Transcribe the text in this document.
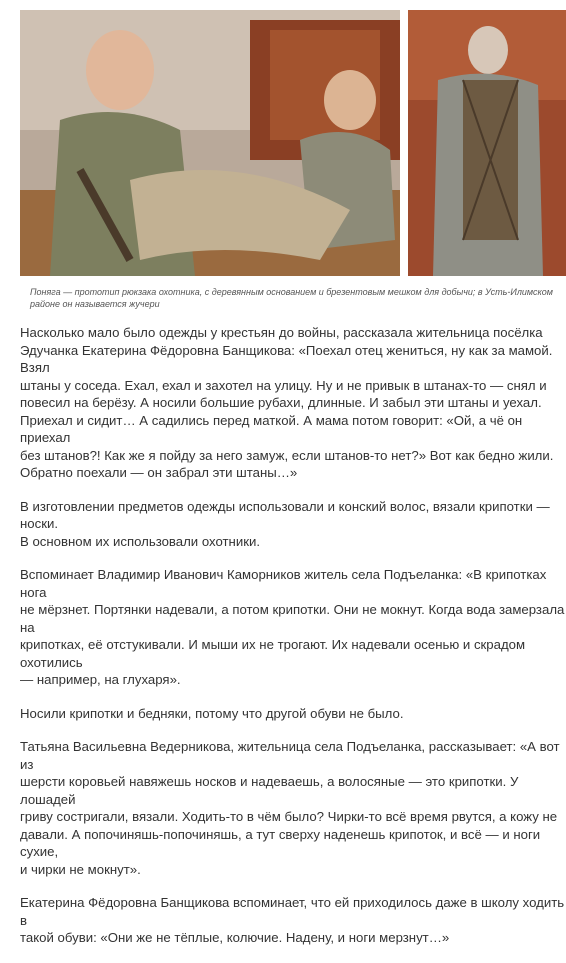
Поняга — прототип рюкзака охотника, с деревянным основанием и брезентовым мешком для добычи; в Усть-Илимском районе он называется жучери

Насколько мало было одежды у крестьян до войны, рассказала жительница посёлка
Эдучанка Екатерина Фёдоровна Банщикова: «Поехал отец жениться, ну как за мамой. Взял
штаны у соседа. Ехал, ехал и захотел на улицу. Ну и не привык в штанах-то — снял и
повесил на берёзу. А носили большие рубахи, длинные. И забыл эти штаны и уехал.
Приехал и сидит… А садились перед маткой. А мама потом говорит: «Ой, а чё он приехал
без штанов?! Как же я пойду за него замуж, если штанов-то нет?» Вот как бедно жили.
Обратно поехали — он забрал эти штаны…»

В изготовлении предметов одежды использовали и конский волос, вязали крипотки — носки.
В основном их использовали охотники.

Вспоминает Владимир Иванович Каморников житель села Подъеланка: «В крипотках нога
не мёрзнет. Портянки надевали, а потом крипотки. Они не мокнут. Когда вода замерзала на
крипотках, её отстукивали. И мыши их не трогают. Их надевали осенью и скрадом охотились
— например, на глухаря».

Носили крипотки и бедняки, потому что другой обуви не было.

Татьяна Васильевна Ведерникова, жительница села Подъеланка, рассказывает: «А вот из
шерсти коровьей навяжешь носков и надеваешь, а волосяные — это крипотки. У лошадей
гриву состригали, вязали. Ходить-то в чём было? Чирки-то всё время рвутся, а кожу не
давали. А попочиняшь-попочиняшь, а тут сверху наденешь крипоток, и всё — и ноги сухие,
и чирки не мокнут».

Екатерина Фёдоровна Банщикова вспоминает, что ей приходилось даже в школу ходить в
такой обуви: «Они же не тёплые, колючие. Надену, и ноги мерзнут…»
